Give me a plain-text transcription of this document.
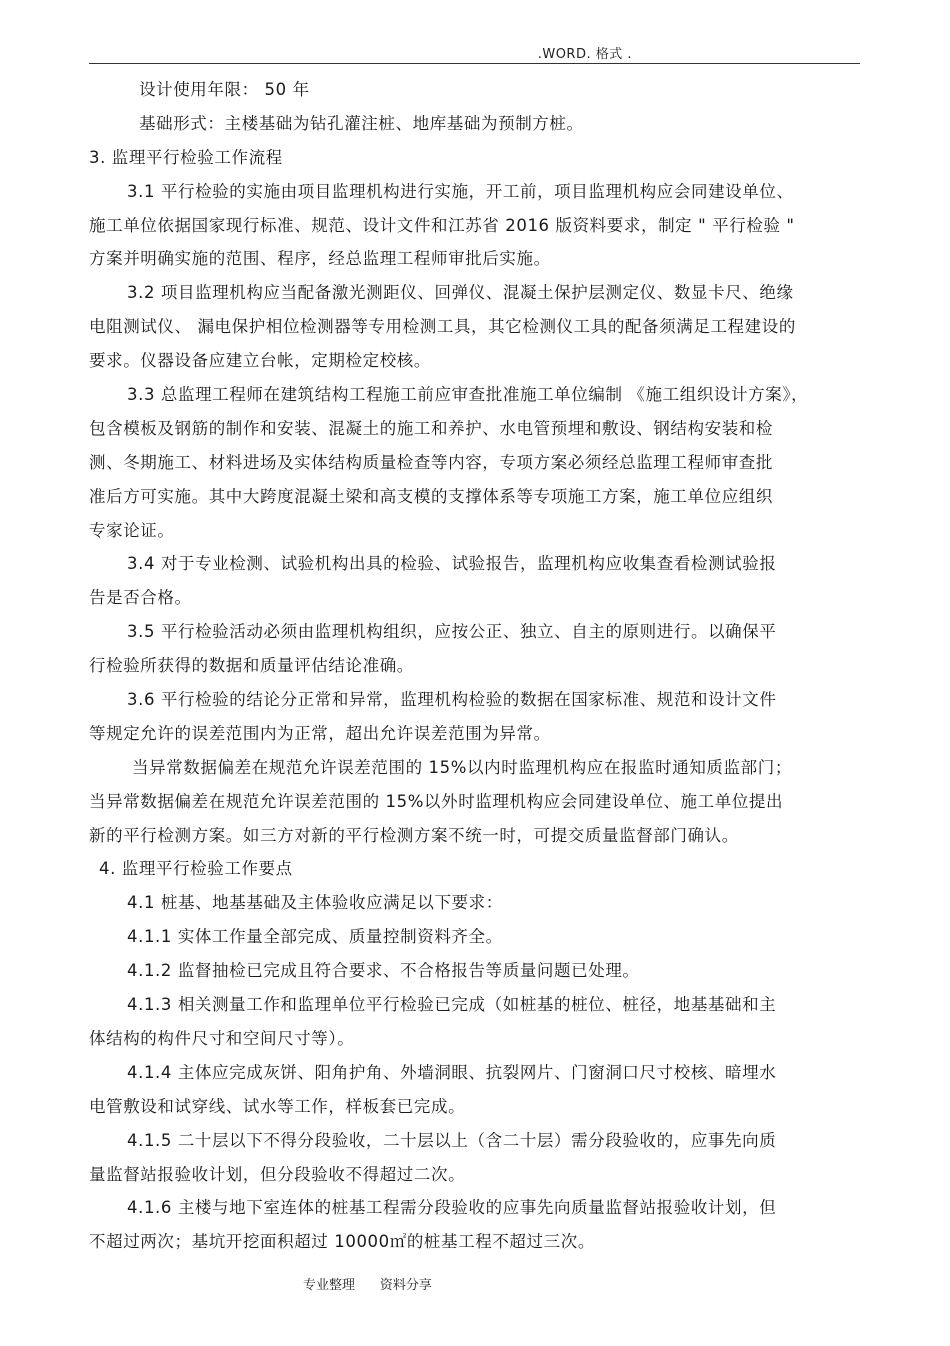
.WORD. 格式 .
设计使用年限： 50 年
基础形式：主楼基础为钻孔灌注桩、地库基础为预制方桩。
3. 监理平行检验工作流程
3.1 平行检验的实施由项目监理机构进行实施，开工前，项目监理机构应会同建设单位、
施工单位依据国家现行标准、规范、设计文件和江苏省 2016 版资料要求，制定 " 平行检验 "
方案并明确实施的范围、程序，经总监理工程师审批后实施。
3.2 项目监理机构应当配备激光测距仪、回弹仪、混凝土保护层测定仪、数显卡尺、绝缘
电阻测试仪、 漏电保护相位检测器等专用检测工具，其它检测仪工具的配备须满足工程建设的
要求。仪器设备应建立台帐，定期检定校核。
3.3 总监理工程师在建筑结构工程施工前应审查批准施工单位编制 《施工组织设计方案》，
包含模板及钢筋的制作和安装、混凝土的施工和养护、水电管预埋和敷设、钢结构安装和检
测、冬期施工、材料进场及实体结构质量检查等内容，专项方案必须经总监理工程师审查批
准后方可实施。其中大跨度混凝土梁和高支模的支撑体系等专项施工方案，施工单位应组织
专家论证。
3.4 对于专业检测、试验机构出具的检验、试验报告，监理机构应收集查看检测试验报
告是否合格。
3.5 平行检验活动必须由监理机构组织，应按公正、独立、自主的原则进行。以确保平
行检验所获得的数据和质量评估结论准确。
3.6 平行检验的结论分正常和异常，监理机构检验的数据在国家标准、规范和设计文件
等规定允许的误差范围内为正常，超出允许误差范围为异常。
当异常数据偏差在规范允许误差范围的 15%以内时监理机构应在报监时通知质监部门；
当异常数据偏差在规范允许误差范围的 15%以外时监理机构应会同建设单位、施工单位提出
新的平行检测方案。如三方对新的平行检测方案不统一时，可提交质量监督部门确认。
4. 监理平行检验工作要点
4.1 桩基、地基基础及主体验收应满足以下要求：
4.1.1 实体工作量全部完成、质量控制资料齐全。
4.1.2 监督抽检已完成且符合要求、不合格报告等质量问题已处理。
4.1.3 相关测量工作和监理单位平行检验已完成（如桩基的桩位、桩径，地基基础和主
体结构的构件尺寸和空间尺寸等）。
4.1.4 主体应完成灰饼、阳角护角、外墙洞眼、抗裂网片、门窗洞口尺寸校核、暗埋水
电管敷设和试穿线、试水等工作，样板套已完成。
4.1.5 二十层以下不得分段验收，二十层以上（含二十层）需分段验收的，应事先向质
量监督站报验收计划，但分段验收不得超过二次。
4.1.6 主楼与地下室连体的桩基工程需分段验收的应事先向质量监督站报验收计划，但
不超过两次；基坑开挖面积超过 10000㎡的桩基工程不超过三次。
专业整理 资料分享
